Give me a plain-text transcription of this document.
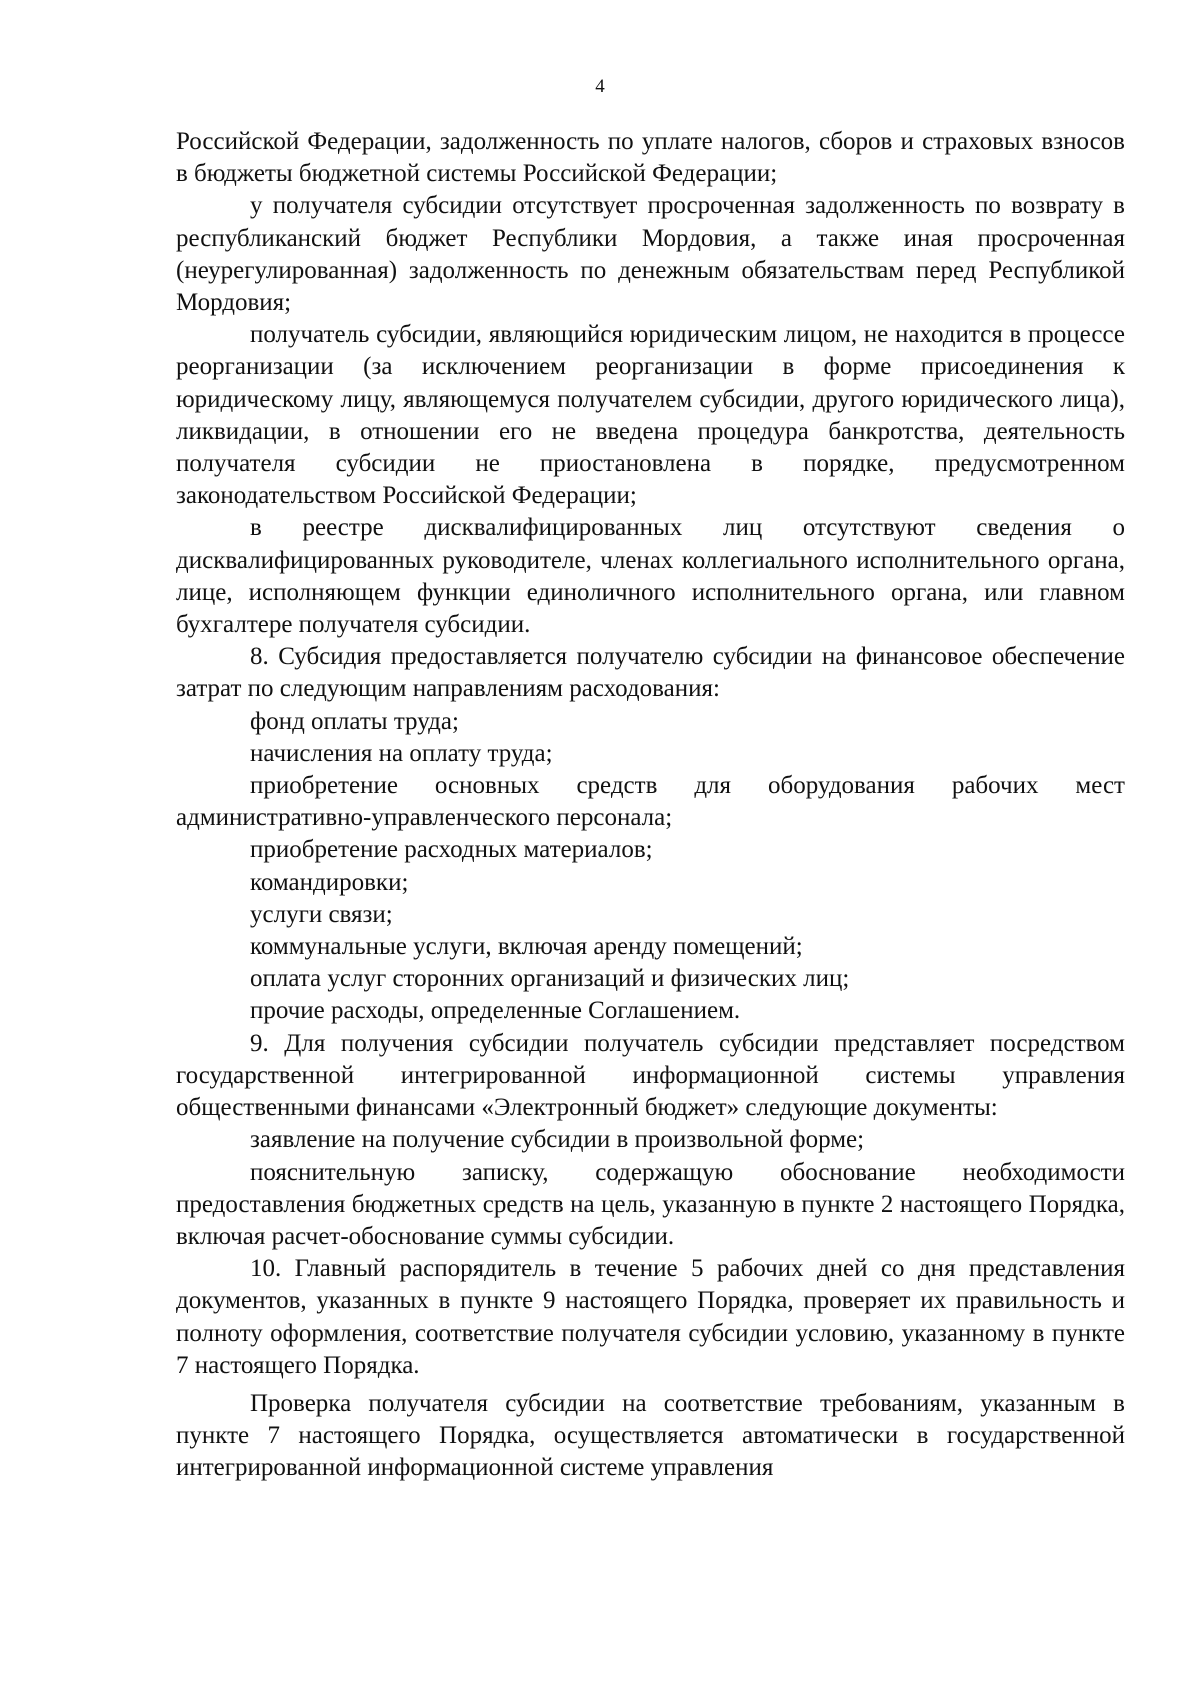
4

Российской Федерации, задолженность по уплате налогов, сборов и страховых взносов в бюджеты бюджетной системы Российской Федерации;

у получателя субсидии отсутствует просроченная задолженность по возврату в республиканский бюджет Республики Мордовия, а также иная просроченная (неурегулированная) задолженность по денежным обязательствам перед Республикой Мордовия;

получатель субсидии, являющийся юридическим лицом, не находится в процессе реорганизации (за исключением реорганизации в форме присоединения к юридическому лицу, являющемуся получателем субсидии, другого юридического лица), ликвидации, в отношении его не введена процедура банкротства, деятельность получателя субсидии не приостановлена в порядке, предусмотренном законодательством Российской Федерации;

в реестре дисквалифицированных лиц отсутствуют сведения о дисквалифицированных руководителе, членах коллегиального исполнительного органа, лице, исполняющем функции единоличного исполнительного органа, или главном бухгалтере получателя субсидии.

8. Субсидия предоставляется получателю субсидии на финансовое обеспечение затрат по следующим направлениям расходования:

фонд оплаты труда;

начисления на оплату труда;

приобретение основных средств для оборудования рабочих мест административно-управленческого персонала;

приобретение расходных материалов;

командировки;

услуги связи;

коммунальные услуги, включая аренду помещений;

оплата услуг сторонних организаций и физических лиц;

прочие расходы, определенные Соглашением.

9. Для получения субсидии получатель субсидии представляет посредством государственной интегрированной информационной системы управления общественными финансами «Электронный бюджет» следующие документы:

заявление на получение субсидии в произвольной форме;

пояснительную записку, содержащую обоснование необходимости предоставления бюджетных средств на цель, указанную в пункте 2 настоящего Порядка, включая расчет-обоснование суммы субсидии.

10. Главный распорядитель в течение 5 рабочих дней со дня представления документов, указанных в пункте 9 настоящего Порядка, проверяет их правильность и полноту оформления, соответствие получателя субсидии условию, указанному в пункте 7 настоящего Порядка.

Проверка получателя субсидии на соответствие требованиям, указанным в пункте 7 настоящего Порядка, осуществляется автоматически в государственной интегрированной информационной системе управления
